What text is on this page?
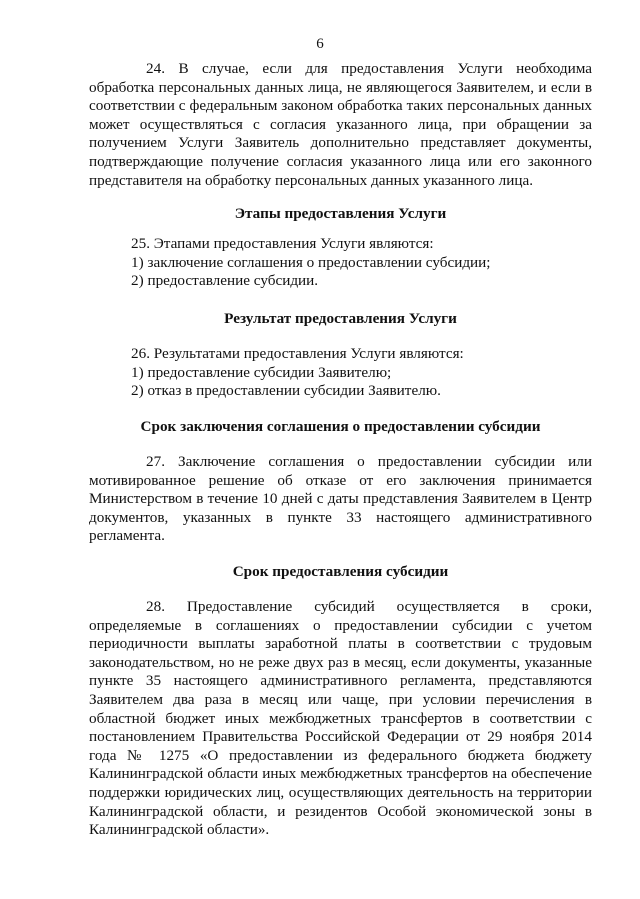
6

24. В случае, если для предоставления Услуги необходима обработка персональных данных лица, не являющегося Заявителем, и если в соответствии с федеральным законом обработка таких персональных данных может осуществляться с согласия указанного лица, при обращении за получением Услуги Заявитель дополнительно представляет документы, подтверждающие получение согласия указанного лица или его законного представителя на обработку персональных данных указанного лица.

Этапы предоставления Услуги

25. Этапами предоставления Услуги являются:

1) заключение соглашения о предоставлении субсидии;

2) предоставление субсидии.

Результат предоставления Услуги

26. Результатами предоставления Услуги являются:

1) предоставление субсидии Заявителю;

2) отказ в предоставлении субсидии Заявителю.

Срок заключения соглашения о предоставлении субсидии

27. Заключение соглашения о предоставлении субсидии или мотивированное решение об отказе от его заключения принимается Министерством в течение 10 дней с даты представления Заявителем в Центр документов, указанных в пункте 33 настоящего административного регламента.

Срок предоставления субсидии

28. Предоставление субсидий осуществляется в сроки, определяемые в соглашениях о предоставлении субсидии с учетом периодичности выплаты заработной платы в соответствии с трудовым законодательством, но не реже двух раз в месяц, если документы, указанные пункте 35 настоящего административного регламента, представляются Заявителем два раза в месяц или чаще, при условии перечисления в областной бюджет иных межбюджетных трансфертов в соответствии с постановлением Правительства Российской Федерации от 29 ноября 2014 года № 1275 «О предоставлении из федерального бюджета бюджету Калининградской области иных межбюджетных трансфертов на обеспечение поддержки юридических лиц, осуществляющих деятельность на территории Калининградской области, и резидентов Особой экономической зоны в Калининградской области».
